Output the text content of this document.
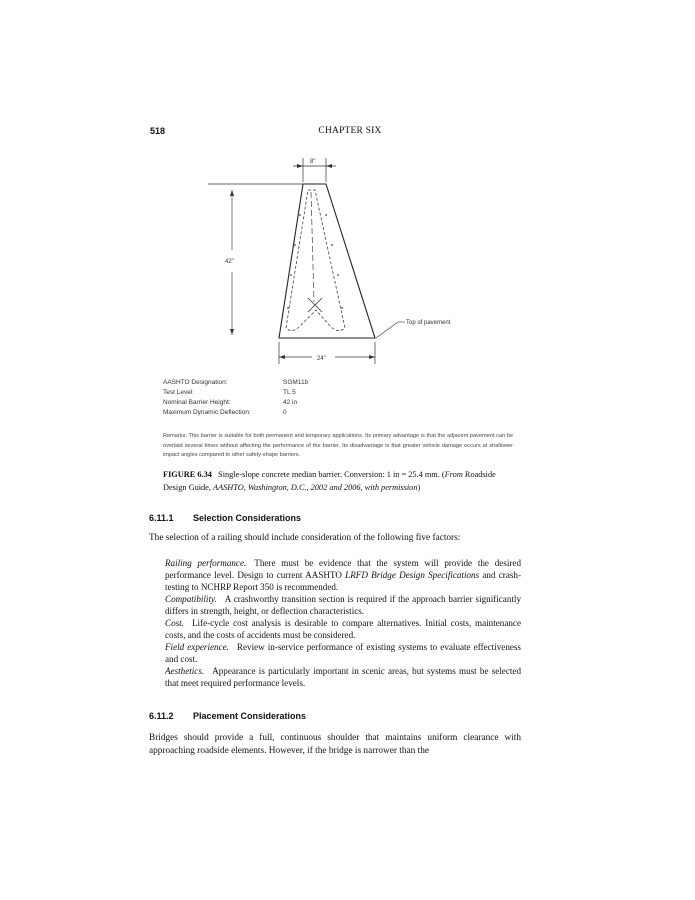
518	CHAPTER SIX
8"
42"
Top of pavement
24"
AASHTO Designation:	SGM11b
Test Level:	TL 5
Nominal Barrier Height:	42 in
Maximum Dynamic Deflection:	0
Remarks: This barrier is suitable for both permanent and temporary applications. Its primary advantage is that the adjacent pavement can be overlaid several times without affecting the performance of the barrier. Its disadvantage is that greater vehicle damage occurs at shallower impact angles compared to other safety-shape barriers.
FIGURE 6.34 Single-slope concrete median barrier. Conversion: 1 in = 25.4 mm. (From Roadside Design Guide, AASHTO, Washington, D.C., 2002 and 2006, with permission)
6.11.1 Selection Considerations
The selection of a railing should include consideration of the following five factors:
Railing performance. There must be evidence that the system will provide the desired performance level. Design to current AASHTO LRFD Bridge Design Specifications and crash-testing to NCHRP Report 350 is recommended.
Compatibility. A crashworthy transition section is required if the approach barrier significantly differs in strength, height, or deflection characteristics.
Cost. Life-cycle cost analysis is desirable to compare alternatives. Initial costs, maintenance costs, and the costs of accidents must be considered.
Field experience. Review in-service performance of existing systems to evaluate effectiveness and cost.
Aesthetics. Appearance is particularly important in scenic areas, but systems must be selected that meet required performance levels.
6.11.2 Placement Considerations
Bridges should provide a full, continuous shoulder that maintains uniform clearance with approaching roadside elements. However, if the bridge is narrower than the
